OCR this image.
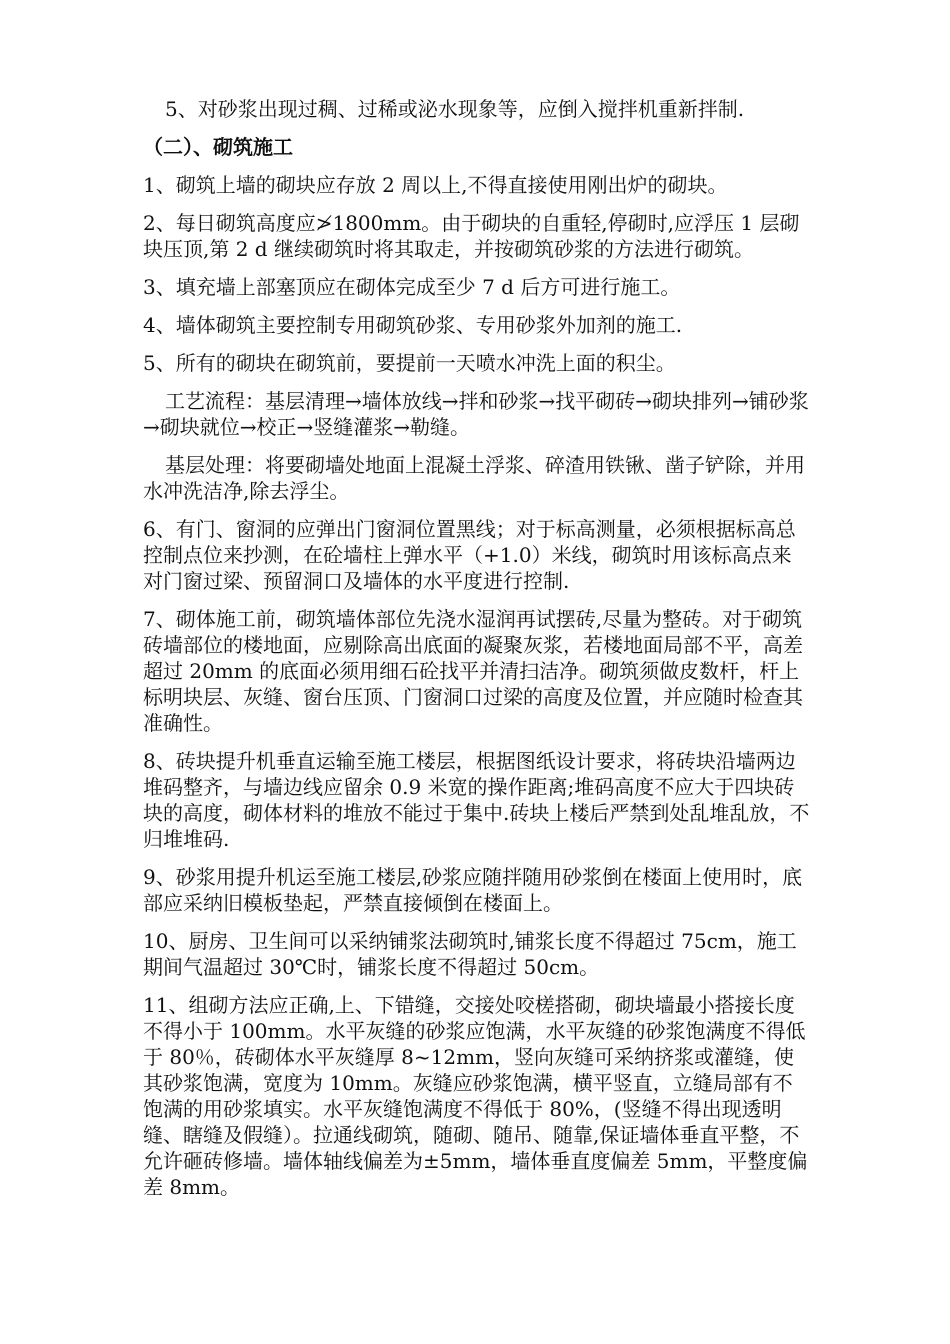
5、对砂浆出现过稠、过稀或泌水现象等，应倒入搅拌机重新拌制.

（二）、砌筑施工

1、砌筑上墙的砌块应存放 2 周以上,不得直接使用刚出炉的砌块。

2、每日砌筑高度应≯1800mm。由于砌块的自重轻,停砌时,应浮压 1 层砌块压顶,第 2 d 继续砌筑时将其取走，并按砌筑砂浆的方法进行砌筑。

3、填充墙上部塞顶应在砌体完成至少 7 d 后方可进行施工。

4、墙体砌筑主要控制专用砌筑砂浆、专用砂浆外加剂的施工.

5、所有的砌块在砌筑前，要提前一天喷水冲洗上面的积尘。

工艺流程：基层清理→墙体放线→拌和砂浆→找平砌砖→砌块排列→铺砂浆→砌块就位→校正→竖缝灌浆→勒缝。

基层处理：将要砌墙处地面上混凝土浮浆、碎渣用铁锹、凿子铲除，并用水冲洗洁净,除去浮尘。

6、有门、窗洞的应弹出门窗洞位置黑线；对于标高测量，必须根据标高总控制点位来抄测，在砼墙柱上弹水平（+1.0）米线，砌筑时用该标高点来对门窗过梁、预留洞口及墙体的水平度进行控制.

7、砌体施工前，砌筑墙体部位先浇水湿润再试摆砖,尽量为整砖。对于砌筑砖墙部位的楼地面，应剔除高出底面的凝聚灰浆，若楼地面局部不平，高差超过 20mm 的底面必须用细石砼找平并清扫洁净。砌筑须做皮数杆，杆上标明块层、灰缝、窗台压顶、门窗洞口过梁的高度及位置，并应随时检查其准确性。

8、砖块提升机垂直运输至施工楼层，根据图纸设计要求，将砖块沿墙两边堆码整齐，与墙边线应留余 0.9 米宽的操作距离;堆码高度不应大于四块砖块的高度，砌体材料的堆放不能过于集中.砖块上楼后严禁到处乱堆乱放，不归堆堆码.

9、砂浆用提升机运至施工楼层,砂浆应随拌随用砂浆倒在楼面上使用时，底部应采纳旧模板垫起，严禁直接倾倒在楼面上。

10、厨房、卫生间可以采纳铺浆法砌筑时,铺浆长度不得超过 75cm，施工期间气温超过 30℃时，铺浆长度不得超过 50cm。

11、组砌方法应正确,上、下错缝，交接处咬槎搭砌，砌块墙最小搭接长度不得小于 100mm。水平灰缝的砂浆应饱满，水平灰缝的砂浆饱满度不得低于 80％，砖砌体水平灰缝厚 8~12mm，竖向灰缝可采纳挤浆或灌缝，使其砂浆饱满，宽度为 10mm。灰缝应砂浆饱满，横平竖直，立缝局部有不饱满的用砂浆填实。水平灰缝饱满度不得低于 80%，(竖缝不得出现透明缝、瞎缝及假缝）。拉通线砌筑，随砌、随吊、随靠,保证墙体垂直平整，不允许砸砖修墙。墙体轴线偏差为±5mm，墙体垂直度偏差 5mm，平整度偏差 8mm。
